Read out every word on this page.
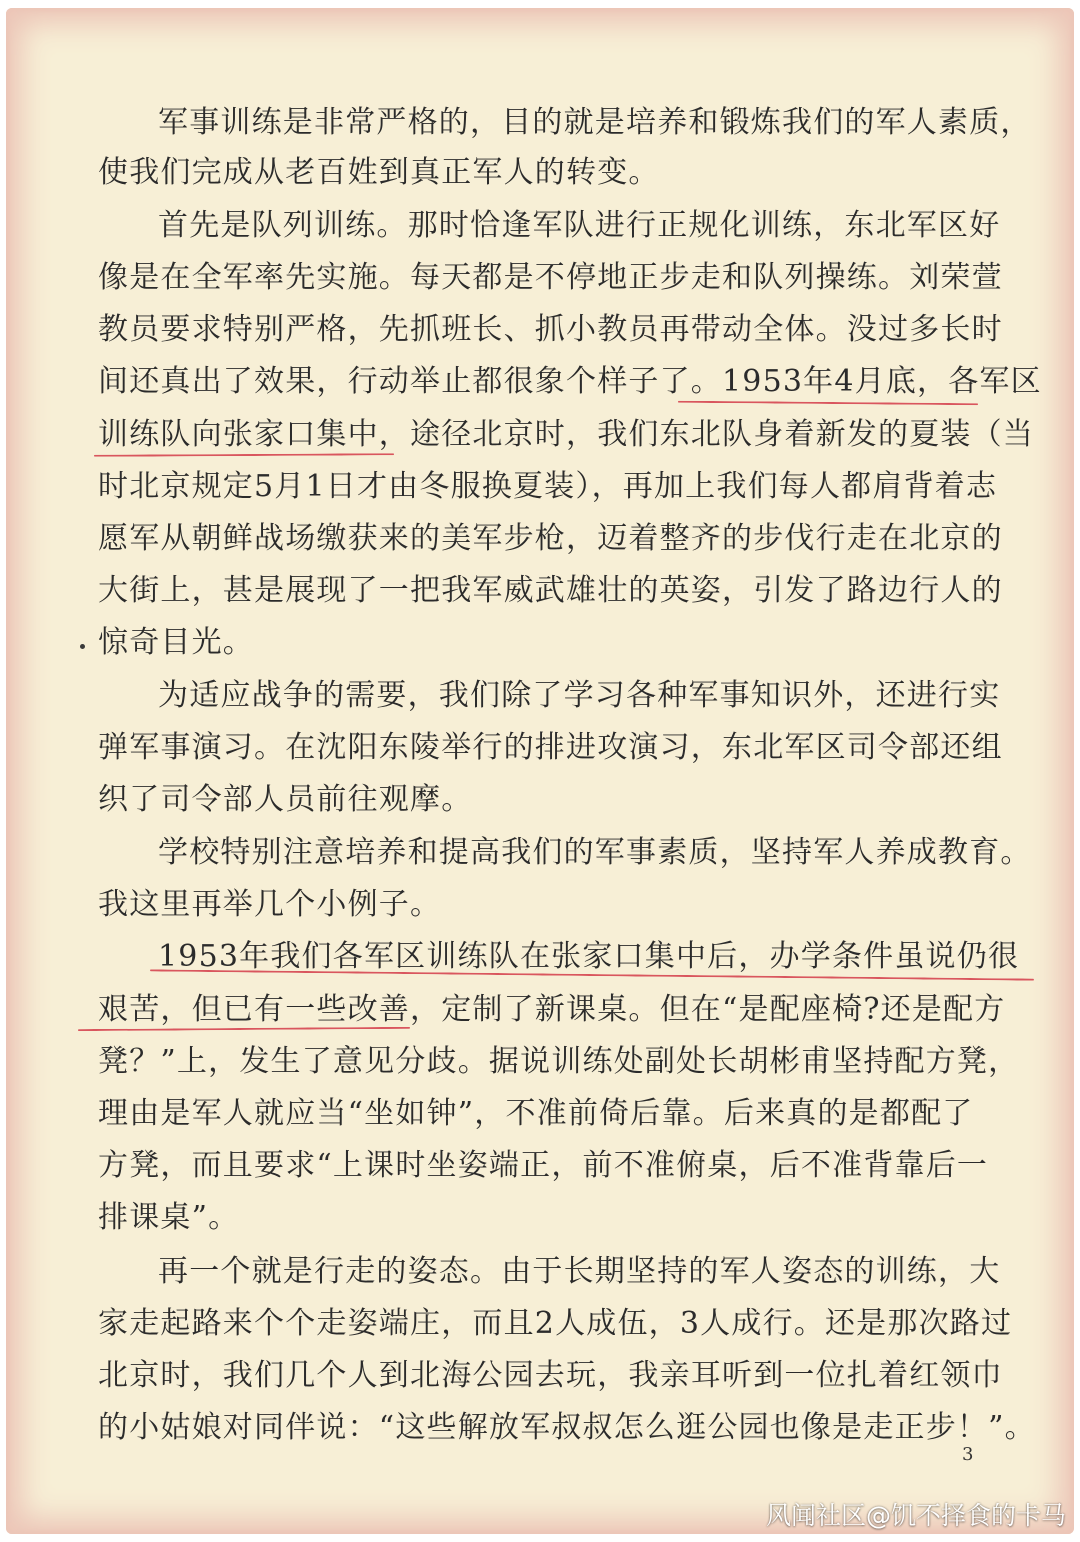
军事训练是非常严格的，目的就是培养和锻炼我们的军人素质，
使我们完成从老百姓到真正军人的转变。
首先是队列训练。那时恰逢军队进行正规化训练，东北军区好
像是在全军率先实施。每天都是不停地正步走和队列操练。刘荣萱
教员要求特别严格，先抓班长、抓小教员再带动全体。没过多长时
间还真出了效果，行动举止都很象个样子了。1953年4月底，各军区
训练队向张家口集中，途径北京时，我们东北队身着新发的夏装（当
时北京规定5月1日才由冬服换夏装），再加上我们每人都肩背着志
愿军从朝鲜战场缴获来的美军步枪，迈着整齐的步伐行走在北京的
大街上，甚是展现了一把我军威武雄壮的英姿，引发了路边行人的
惊奇目光。
为适应战争的需要，我们除了学习各种军事知识外，还进行实
弹军事演习。在沈阳东陵举行的排进攻演习，东北军区司令部还组
织了司令部人员前往观摩。
学校特别注意培养和提高我们的军事素质，坚持军人养成教育。
我这里再举几个小例子。
1953年我们各军区训练队在张家口集中后，办学条件虽说仍很
艰苦，但已有一些改善，定制了新课桌。但在“是配座椅?还是配方
凳？”上，发生了意见分歧。据说训练处副处长胡彬甫坚持配方凳，
理由是军人就应当“坐如钟”，不准前倚后靠。后来真的是都配了
方凳，而且要求“上课时坐姿端正，前不准俯桌，后不准背靠后一
排课桌”。
再一个就是行走的姿态。由于长期坚持的军人姿态的训练，大
家走起路来个个走姿端庄，而且2人成伍，3人成行。还是那次路过
北京时，我们几个人到北海公园去玩，我亲耳听到一位扎着红领巾
的小姑娘对同伴说：“这些解放军叔叔怎么逛公园也像是走正步！”。
3
风闻社区@饥不择食的卡马
